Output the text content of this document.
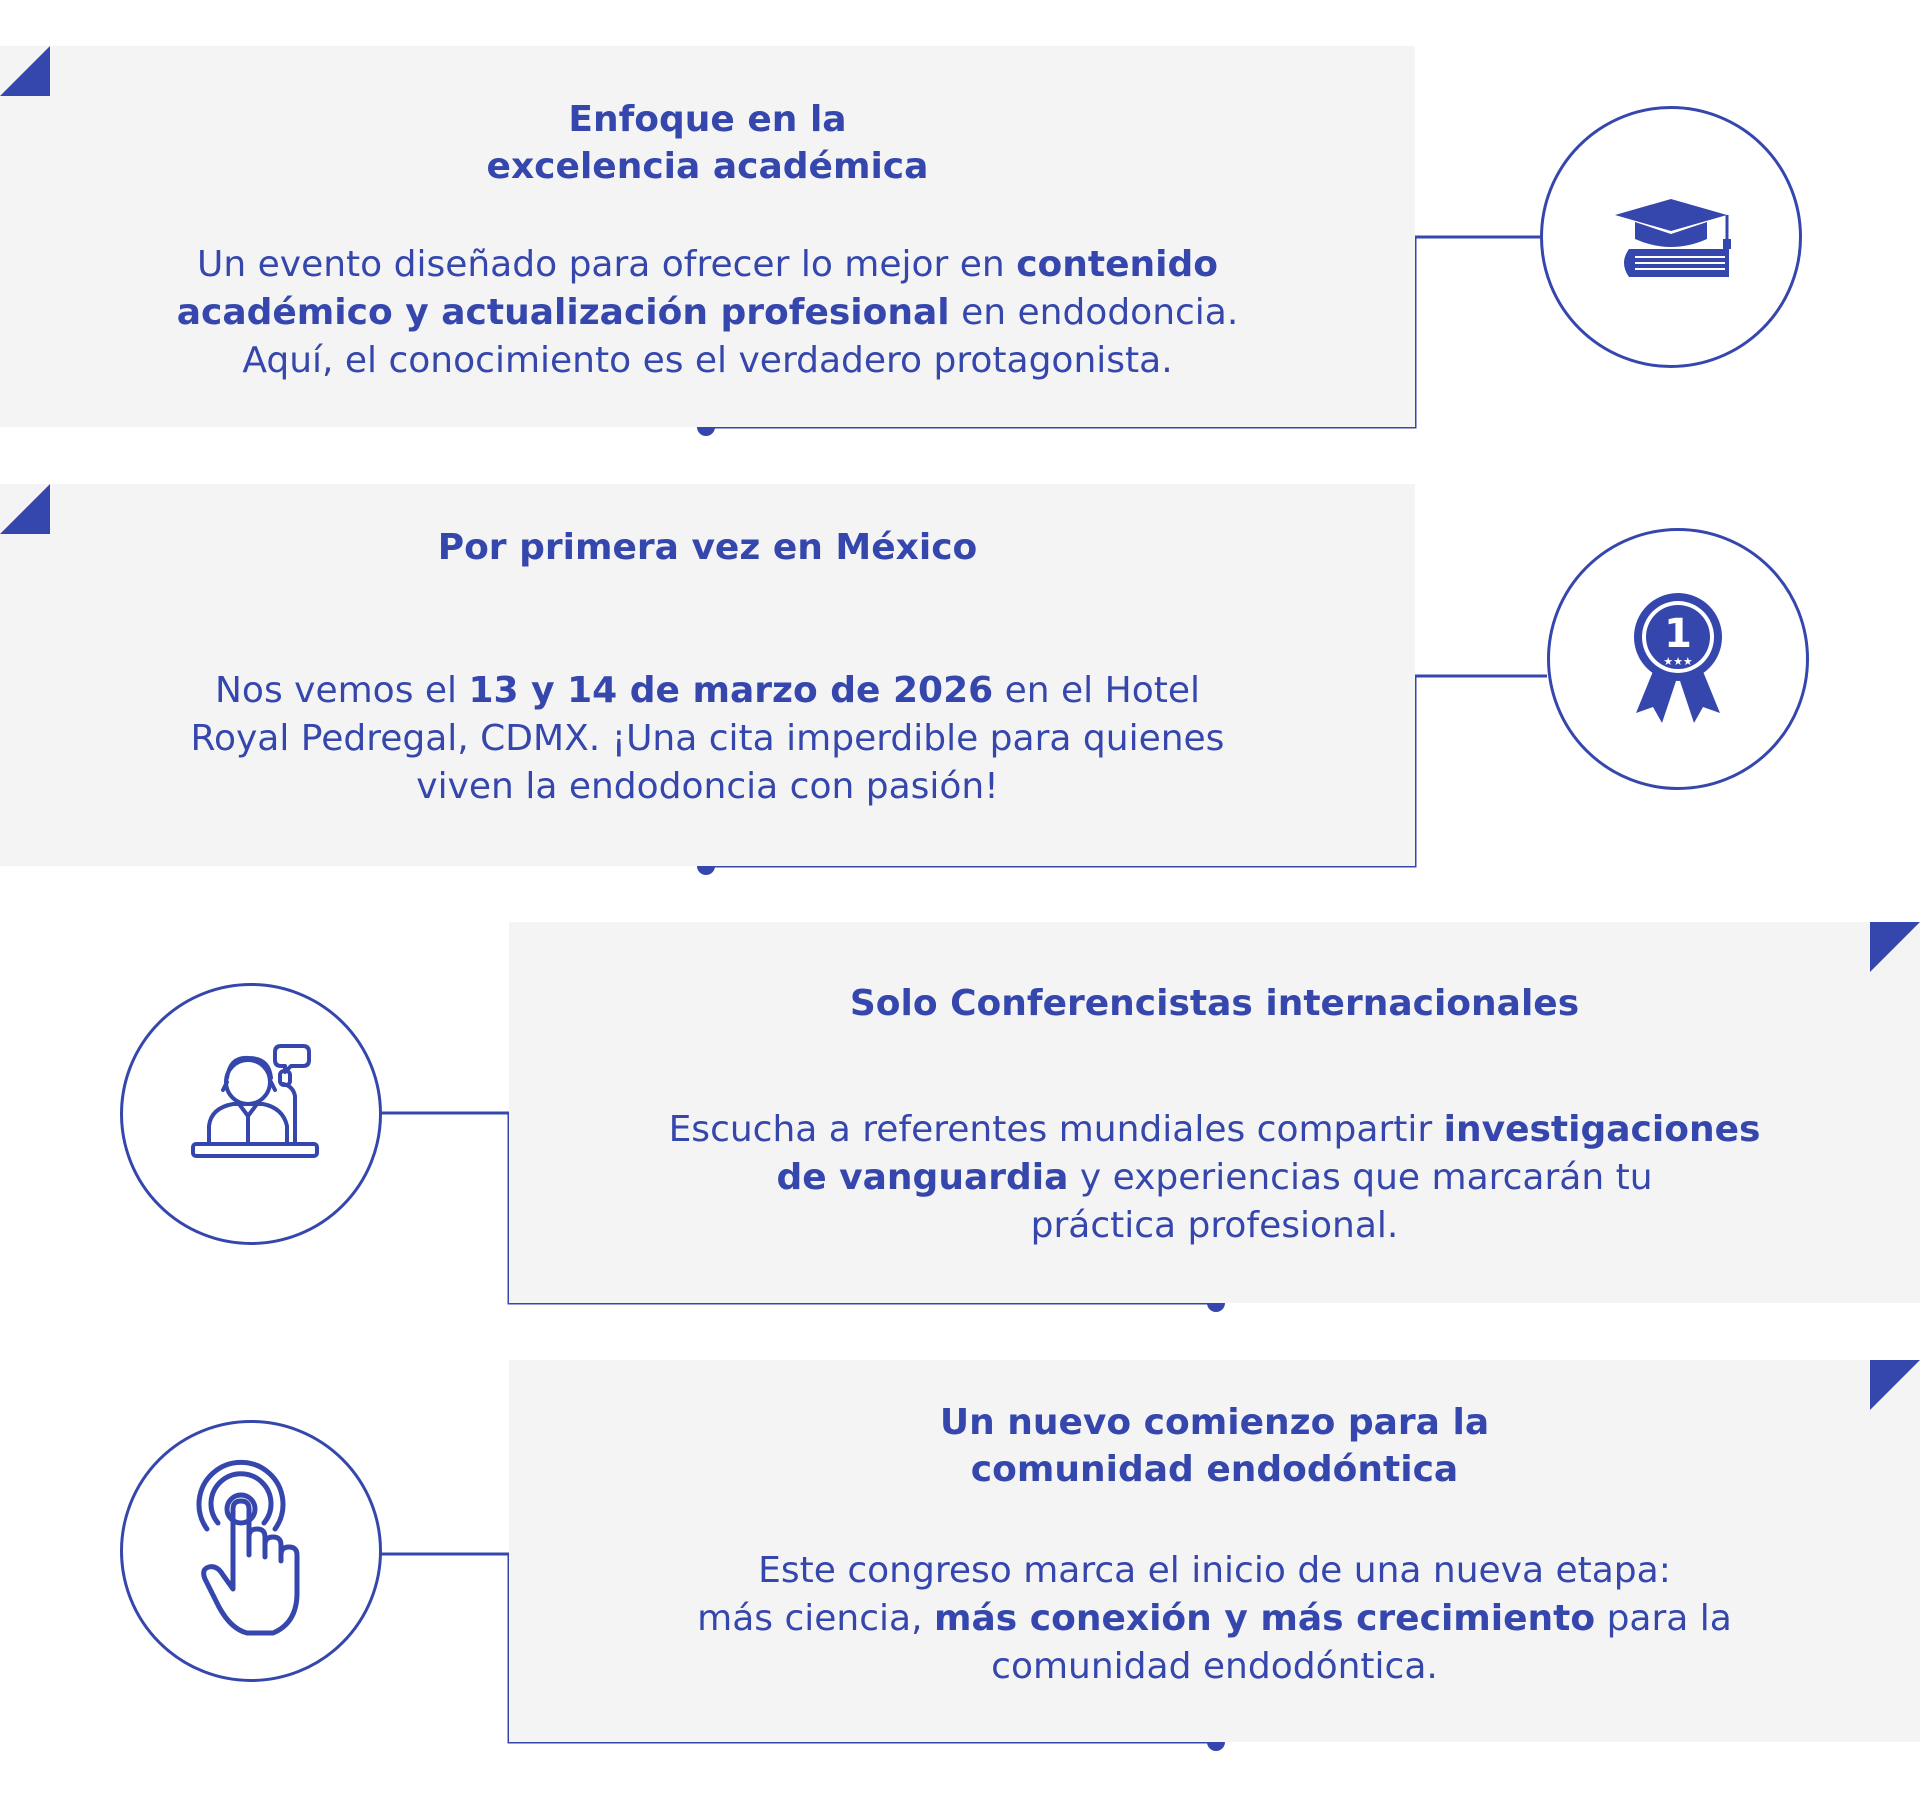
Enfoque en la
excelencia académica

Un evento diseñado para ofrecer lo mejor en contenido
académico y actualización profesional en endodoncia.
Aquí, el conocimiento es el verdadero protagonista.

Por primera vez en México

Nos vemos el 13 y 14 de marzo de 2026 en el Hotel
Royal Pedregal, CDMX. ¡Una cita imperdible para quienes
viven la endodoncia con pasión!

Solo Conferencistas internacionales

Escucha a referentes mundiales compartir investigaciones
de vanguardia y experiencias que marcarán tu
práctica profesional.

Un nuevo comienzo para la
comunidad endodóntica

Este congreso marca el inicio de una nueva etapa:
más ciencia, más conexión y más crecimiento para la
comunidad endodóntica.

1
★★★
